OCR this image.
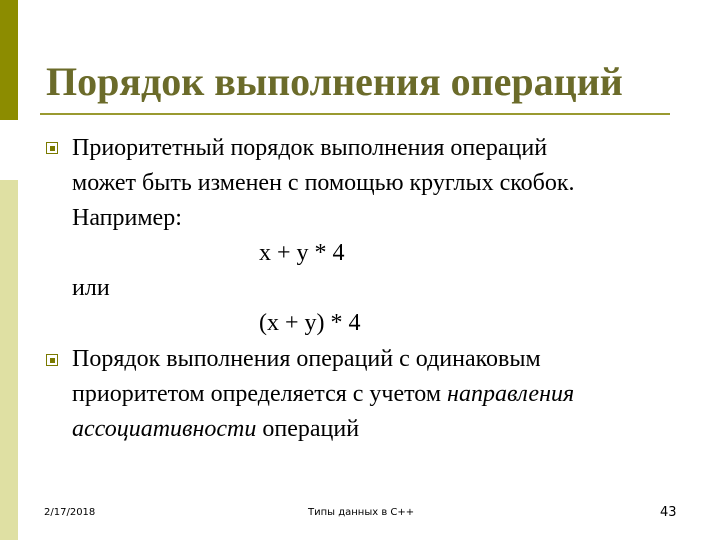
Порядок выполнения операций
Приоритетный порядок выполнения операций
может быть изменен с помощью круглых скобок.
Например:
x + y * 4
или
(x + y) * 4
Порядок выполнения операций с одинаковым
приоритетом определяется с учетом направления
ассоциативности операций
2/17/2018	Типы данных в С++	43
